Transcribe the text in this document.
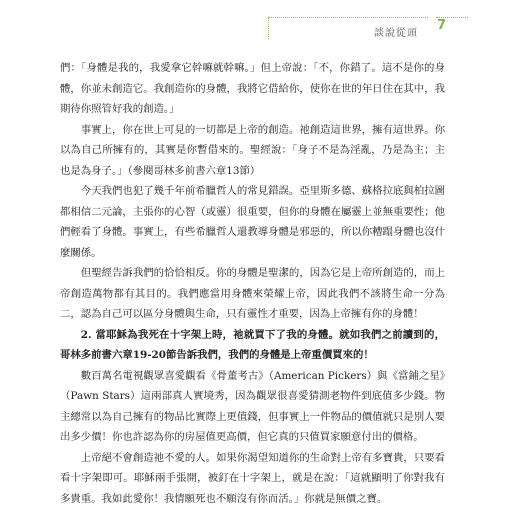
談說從頭
7

們：「身體是我的，我愛拿它幹嘛就幹嘛。」但上帝說：「不，你錯了。這不是你的身體，你並未創造它。我創造你的身體，我將它借給你，使你在世的年日住在其中，我期待你照管好我的創造。」

事實上，你在世上可見的一切都是上帝的創造。祂創造這世界，擁有這世界。你以為自己所擁有的，其實是你暫借來的。聖經說：「身子不是為淫亂，乃是為主；主也是為身子。」（參閱哥林多前書六章13節）

今天我們也犯了幾千年前希臘哲人的常見錯誤。亞里斯多德、蘇格拉底與柏拉圖都相信二元論，主張你的心智（或靈）很重要，但你的身體在屬靈上並無重要性；他們輕看了身體。事實上，有些希臘哲人還教導身體是邪惡的，所以你糟蹋身體也沒什麼關係。

但聖經告訴我們的恰恰相反。你的身體是聖潔的，因為它是上帝所創造的，而上帝創造萬物都有其目的。我們應當用身體來榮耀上帝，因此我們不該將生命一分為二，認為自己可以區分身體與生命，只有靈性才重要，因為上帝擁有你的身體！

2. 當耶穌為我死在十字架上時，祂就買下了我的身體。就如我們之前讀到的，哥林多前書六章19-20節告訴我們，我們的身體是上帝重價買來的！

數百萬名電視觀眾喜愛觀看《骨董考古》（American Pickers）與《當鋪之星》（Pawn Stars）這兩部真人實境秀，因為觀眾很喜愛猜測老物件到底值多少錢。物主總常以為自己擁有的物品比實際上更值錢，但事實上一件物品的價值就只是別人要出多少價！你也許認為你的房屋值更高價，但它真的只值買家願意付出的價格。

上帝絕不會創造祂不愛的人。如果你渴望知道你的生命對上帝有多寶貴，只要看看十字架即可。耶穌兩手張開，被釘在十字架上，就是在說：「這就顯明了你對我有多貴重。我如此愛你！我情願死也不願沒有你而活。」你就是無價之寶。
